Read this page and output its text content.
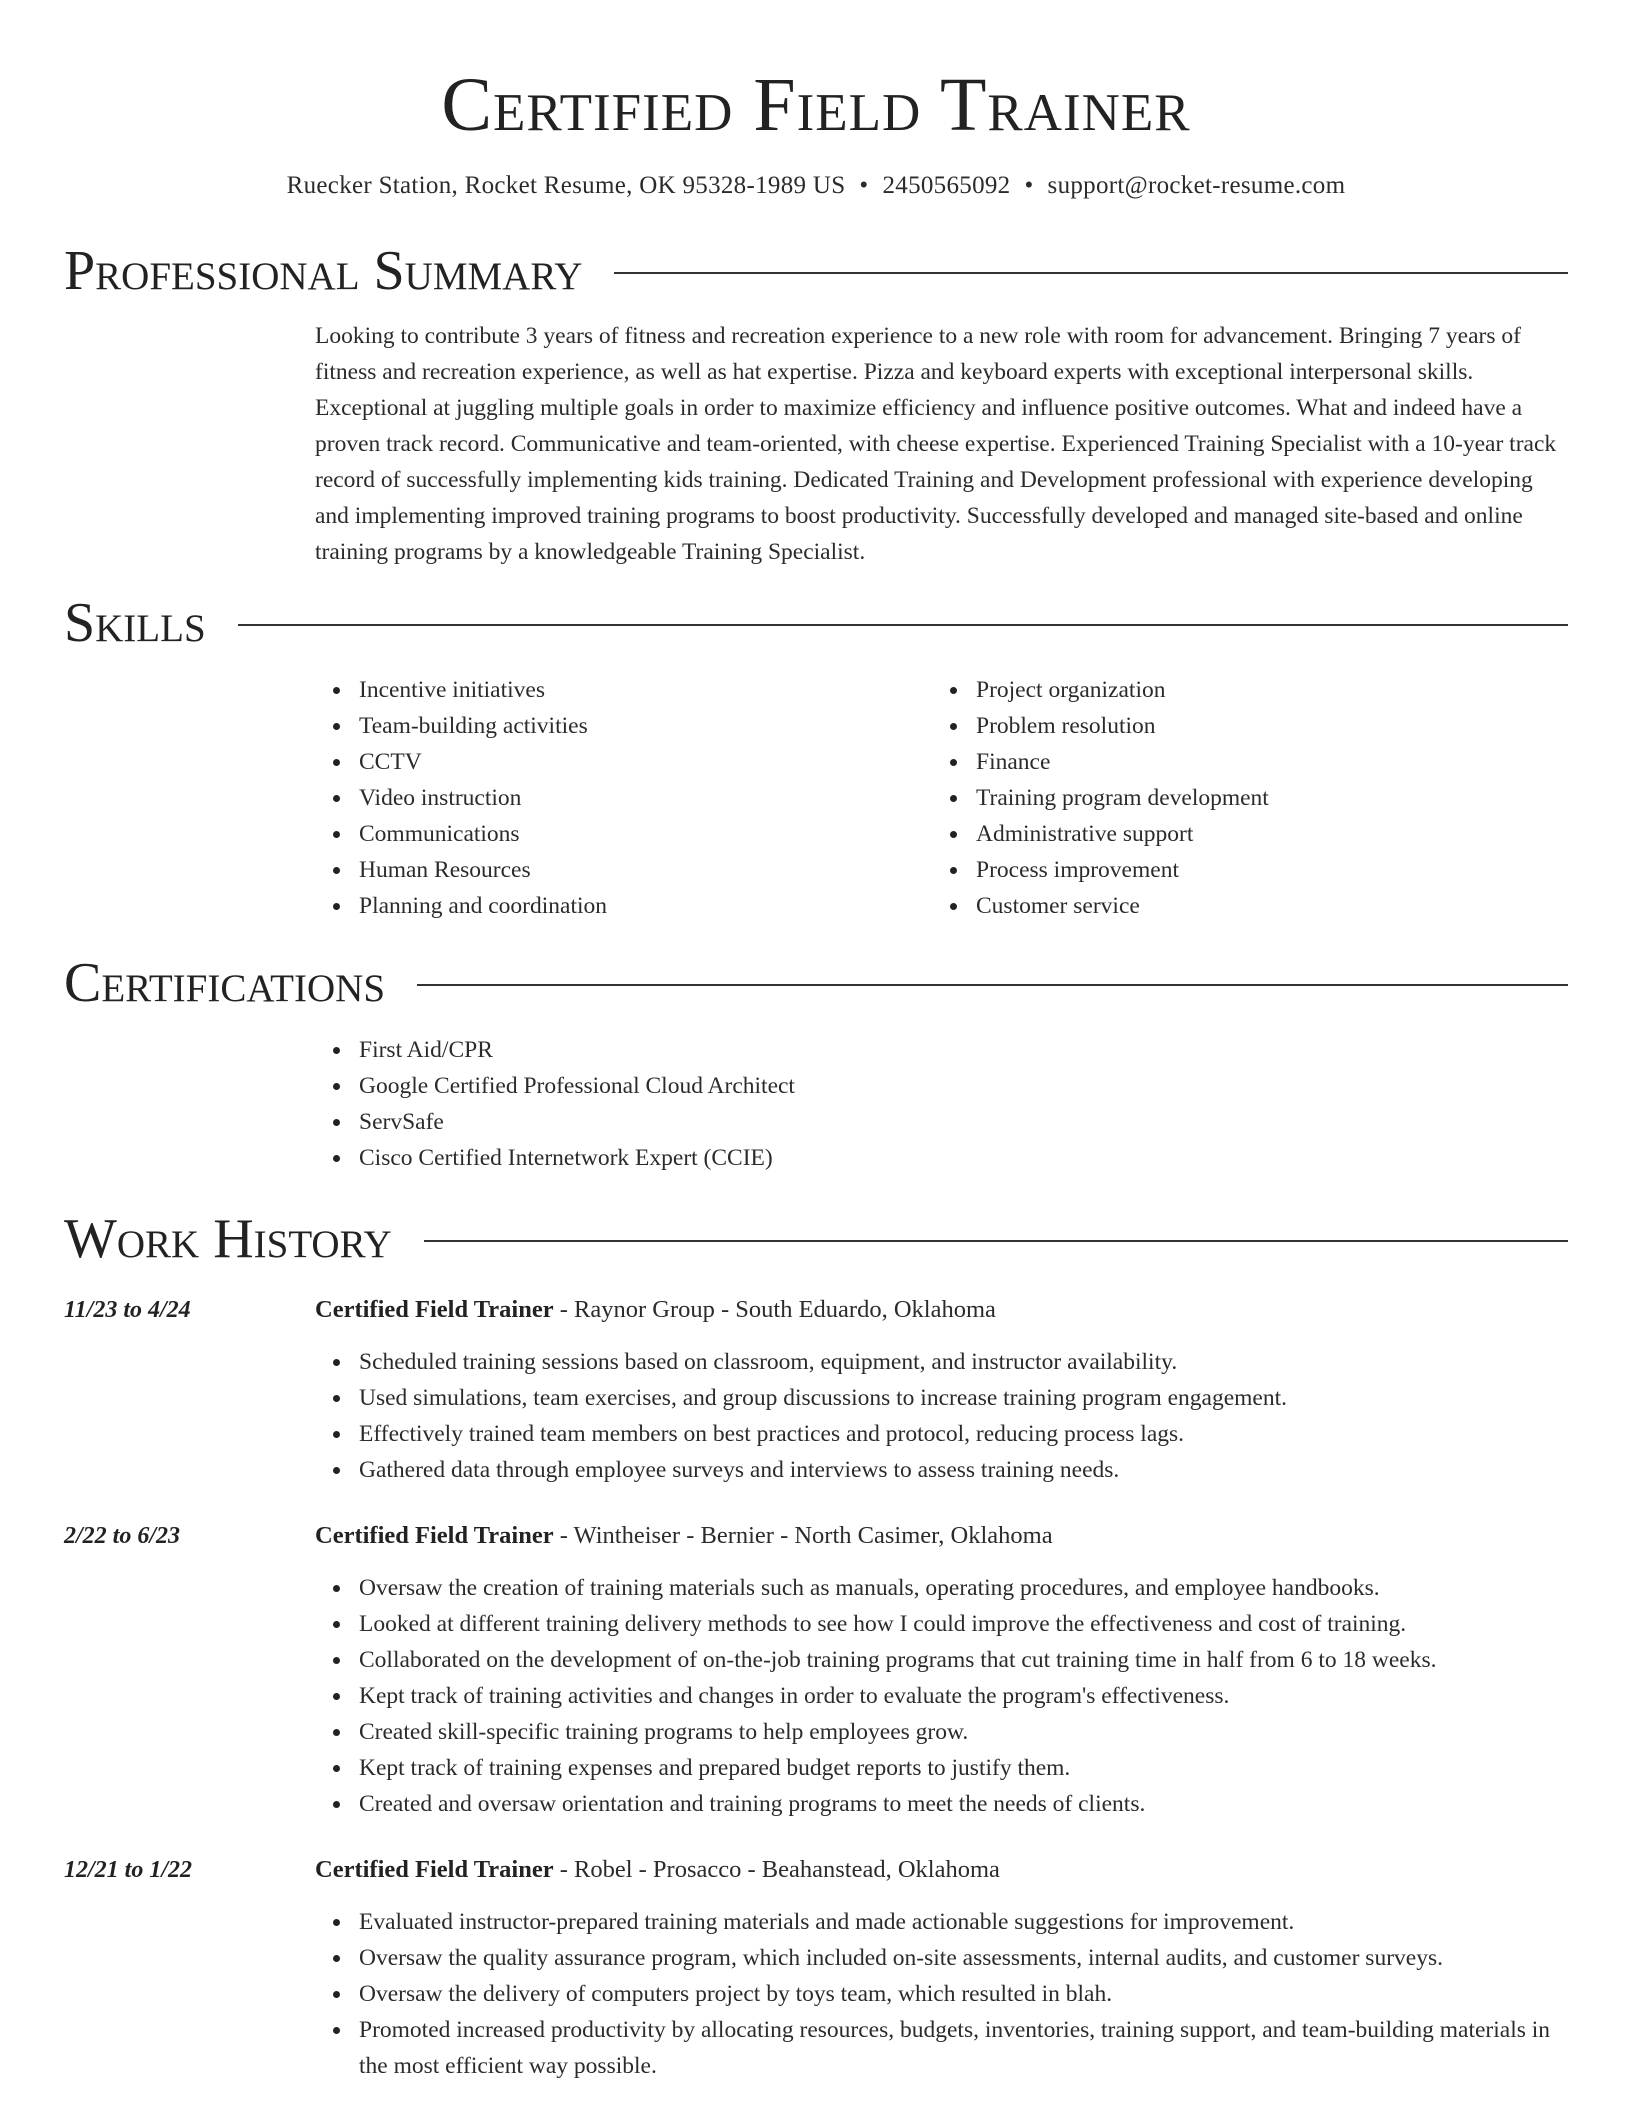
Certified Field Trainer
Ruecker Station, Rocket Resume, OK 95328-1989 US • 2450565092 • support@rocket-resume.com
Professional Summary

Looking to contribute 3 years of fitness and recreation experience to a new role with room for advancement. Bringing 7 years of fitness and recreation experience, as well as hat expertise. Pizza and keyboard experts with exceptional interpersonal skills. Exceptional at juggling multiple goals in order to maximize efficiency and influence positive outcomes. What and indeed have a proven track record. Communicative and team-oriented, with cheese expertise. Experienced Training Specialist with a 10-year track record of successfully implementing kids training. Dedicated Training and Development professional with experience developing and implementing improved training programs to boost productivity. Successfully developed and managed site-based and online training programs by a knowledgeable Training Specialist.

Skills
Incentive initiatives
Team-building activities
CCTV
Video instruction
Communications
Human Resources
Planning and coordination
Project organization
Problem resolution
Finance
Training program development
Administrative support
Process improvement
Customer service
Certifications
First Aid/CPR
Google Certified Professional Cloud Architect
ServSafe
Cisco Certified Internetwork Expert (CCIE)
Work History
11/23 to 4/24	Certified Field Trainer - Raynor Group - South Eduardo, Oklahoma
Scheduled training sessions based on classroom, equipment, and instructor availability.
Used simulations, team exercises, and group discussions to increase training program engagement.
Effectively trained team members on best practices and protocol, reducing process lags.
Gathered data through employee surveys and interviews to assess training needs.
2/22 to 6/23	Certified Field Trainer - Wintheiser - Bernier - North Casimer, Oklahoma
Oversaw the creation of training materials such as manuals, operating procedures, and employee handbooks.
Looked at different training delivery methods to see how I could improve the effectiveness and cost of training.
Collaborated on the development of on-the-job training programs that cut training time in half from 6 to 18 weeks.
Kept track of training activities and changes in order to evaluate the program's effectiveness.
Created skill-specific training programs to help employees grow.
Kept track of training expenses and prepared budget reports to justify them.
Created and oversaw orientation and training programs to meet the needs of clients.
12/21 to 1/22	Certified Field Trainer - Robel - Prosacco - Beahanstead, Oklahoma
Evaluated instructor-prepared training materials and made actionable suggestions for improvement.
Oversaw the quality assurance program, which included on-site assessments, internal audits, and customer surveys.
Oversaw the delivery of computers project by toys team, which resulted in blah.
Promoted increased productivity by allocating resources, budgets, inventories, training support, and team-building materials in the most efficient way possible.
